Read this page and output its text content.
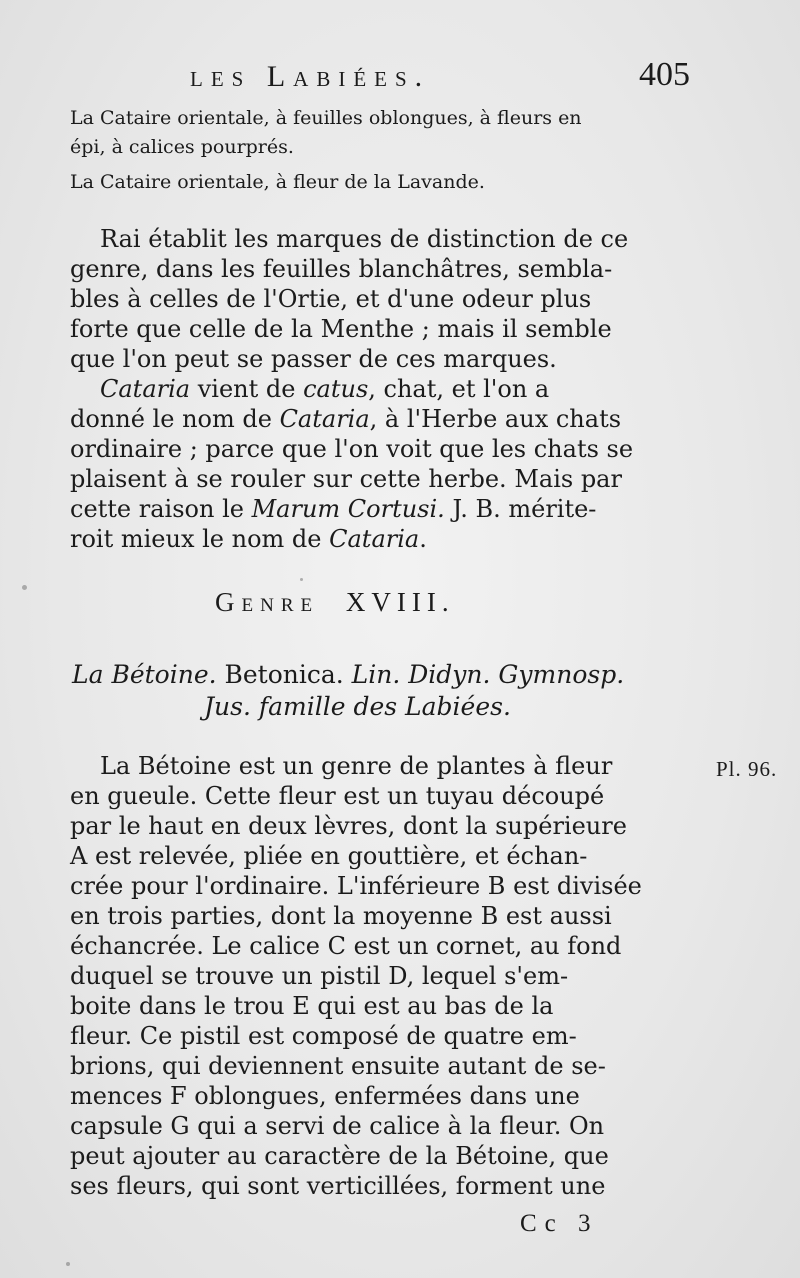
les Labiées.	405
La Cataire orientale, à feuilles oblongues, à fleurs en
épi, à calices pourprés.
La Cataire orientale, à fleur de la Lavande.

Rai établit les marques de distinction de ce

genre, dans les feuilles blanchâtres, sembla-
bles à celles de l'Ortie, et d'une odeur plus
forte que celle de la Menthe ; mais il semble
que l'on peut se passer de ces marques.

Cataria vient de catus, chat, et l'on a

donné le nom de Cataria, à l'Herbe aux chats
ordinaire ; parce que l'on voit que les chats se
plaisent à se rouler sur cette herbe. Mais par
cette raison le Marum Cortusi. J. B. mérite-
roit mieux le nom de Cataria.
Genre XVIII.
La Bétoine. Betonica. Lin. Didyn. Gymnosp.
Jus. famille des Labiées.
Pl. 96.

La Bétoine est un genre de plantes à fleur

en gueule. Cette fleur est un tuyau découpé
par le haut en deux lèvres, dont la supérieure
A est relevée, pliée en gouttière, et échan-
crée pour l'ordinaire. L'inférieure B est divisée
en trois parties, dont la moyenne B est aussi
échancrée. Le calice C est un cornet, au fond
duquel se trouve un pistil D, lequel s'em-
boite dans le trou E qui est au bas de la
fleur. Ce pistil est composé de quatre em-
brions, qui deviennent ensuite autant de se-
mences F oblongues, enfermées dans une
capsule G qui a servi de calice à la fleur. On
peut ajouter au caractère de la Bétoine, que
ses fleurs, qui sont verticillées, forment une
Cc 3
